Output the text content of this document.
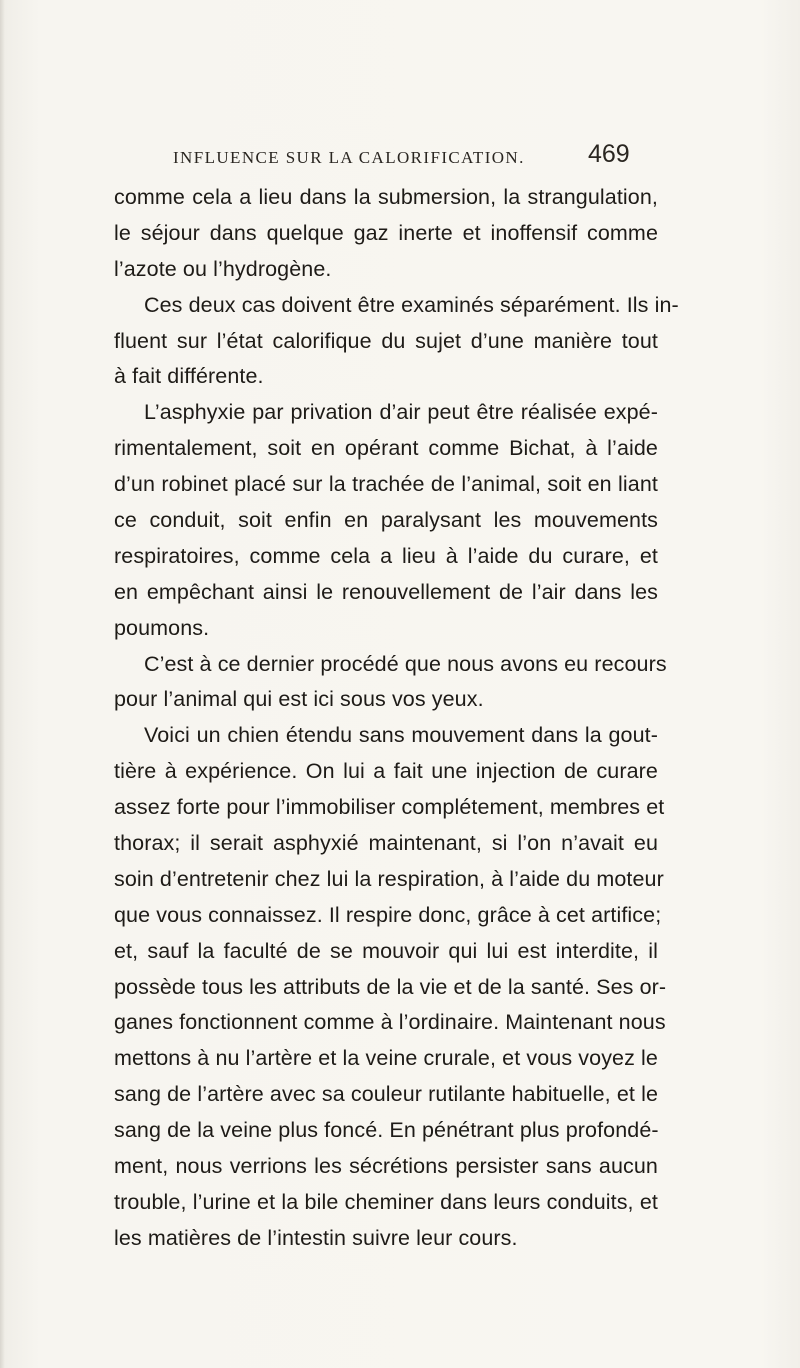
INFLUENCE SUR LA CALORIFICATION.	469
comme cela a lieu dans la submersion, la strangulation,
le séjour dans quelque gaz inerte et inoffensif comme
l’azote ou l’hydrogène.
Ces deux cas doivent être examinés séparément. Ils in-
fluent sur l’état calorifique du sujet d’une manière tout
à fait différente.
L’asphyxie par privation d’air peut être réalisée expé-
rimentalement, soit en opérant comme Bichat, à l’aide
d’un robinet placé sur la trachée de l’animal, soit en liant
ce conduit, soit enfin en paralysant les mouvements
respiratoires, comme cela a lieu à l’aide du curare, et
en empêchant ainsi le renouvellement de l’air dans les
poumons.
C’est à ce dernier procédé que nous avons eu recours
pour l’animal qui est ici sous vos yeux.
Voici un chien étendu sans mouvement dans la gout-
tière à expérience. On lui a fait une injection de curare
assez forte pour l’immobiliser complétement, membres et
thorax; il serait asphyxié maintenant, si l’on n’avait eu
soin d’entretenir chez lui la respiration, à l’aide du moteur
que vous connaissez. Il respire donc, grâce à cet artifice;
et, sauf la faculté de se mouvoir qui lui est interdite, il
possède tous les attributs de la vie et de la santé. Ses or-
ganes fonctionnent comme à l’ordinaire. Maintenant nous
mettons à nu l’artère et la veine crurale, et vous voyez le
sang de l’artère avec sa couleur rutilante habituelle, et le
sang de la veine plus foncé. En pénétrant plus profondé-
ment, nous verrions les sécrétions persister sans aucun
trouble, l’urine et la bile cheminer dans leurs conduits, et
les matières de l’intestin suivre leur cours.
